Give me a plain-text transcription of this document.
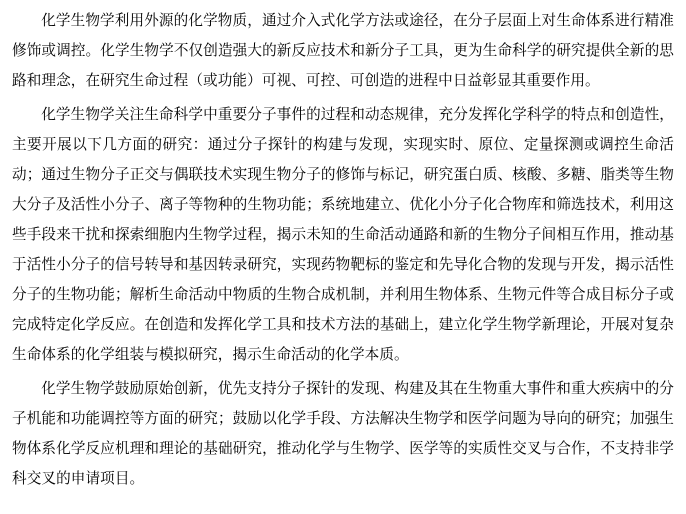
化学生物学利用外源的化学物质，通过介入式化学方法或途径，在分子层面上对生命体系进行精准修饰或调控。化学生物学不仅创造强大的新反应技术和新分子工具，更为生命科学的研究提供全新的思路和理念，在研究生命过程（或功能）可视、可控、可创造的进程中日益彰显其重要作用。

化学生物学关注生命科学中重要分子事件的过程和动态规律，充分发挥化学科学的特点和创造性，主要开展以下几方面的研究：通过分子探针的构建与发现，实现实时、原位、定量探测或调控生命活动；通过生物分子正交与偶联技术实现生物分子的修饰与标记，研究蛋白质、核酸、多糖、脂类等生物大分子及活性小分子、离子等物种的生物功能；系统地建立、优化小分子化合物库和筛选技术，利用这些手段来干扰和探索细胞内生物学过程，揭示未知的生命活动通路和新的生物分子间相互作用，推动基于活性小分子的信号转导和基因转录研究，实现药物靶标的鉴定和先导化合物的发现与开发，揭示活性分子的生物功能；解析生命活动中物质的生物合成机制，并利用生物体系、生物元件等合成目标分子或完成特定化学反应。在创造和发挥化学工具和技术方法的基础上，建立化学生物学新理论，开展对复杂生命体系的化学组装与模拟研究，揭示生命活动的化学本质。

化学生物学鼓励原始创新，优先支持分子探针的发现、构建及其在生物重大事件和重大疾病中的分子机能和功能调控等方面的研究；鼓励以化学手段、方法解决生物学和医学问题为导向的研究；加强生物体系化学反应机理和理论的基础研究，推动化学与生物学、医学等的实质性交叉与合作，不支持非学科交叉的申请项目。
